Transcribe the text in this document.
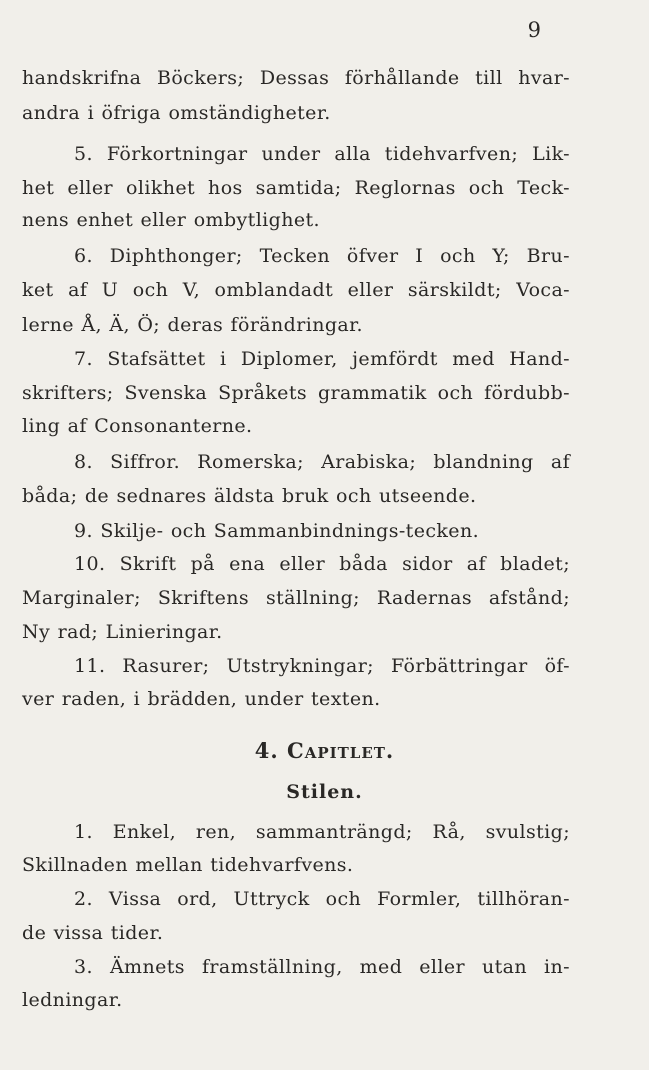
9
handskrifna Böckers; Dessas förhållande till hvar-
andra i öfriga omständigheter.
5. Förkortningar under alla tidehvarfven; Lik-
het eller olikhet hos samtida; Reglornas och Teck-
nens enhet eller ombytlighet.
6. Diphthonger; Tecken öfver I och Y; Bru-
ket af U och V, omblandadt eller särskildt; Voca-
lerne Å, Ä, Ö; deras förändringar.
7. Stafsättet i Diplomer, jemfördt med Hand-
skrifters; Svenska Språkets grammatik och fördubb-
ling af Consonanterne.
8. Siffror. Romerska; Arabiska; blandning af
båda; de sednares äldsta bruk och utseende.
9. Skilje- och Sammanbindnings-tecken.
10. Skrift på ena eller båda sidor af bladet;
Marginaler; Skriftens ställning; Radernas afstånd;
Ny rad; Linieringar.
11. Rasurer; Utstrykningar; Förbättringar öf-
ver raden, i brädden, under texten.
4. Capitlet.
Stilen.
1. Enkel, ren, sammanträngd; Rå, svulstig;
Skillnaden mellan tidehvarfvens.
2. Vissa ord, Uttryck och Formler, tillhöran-
de vissa tider.
3. Ämnets framställning, med eller utan in-
ledningar.
